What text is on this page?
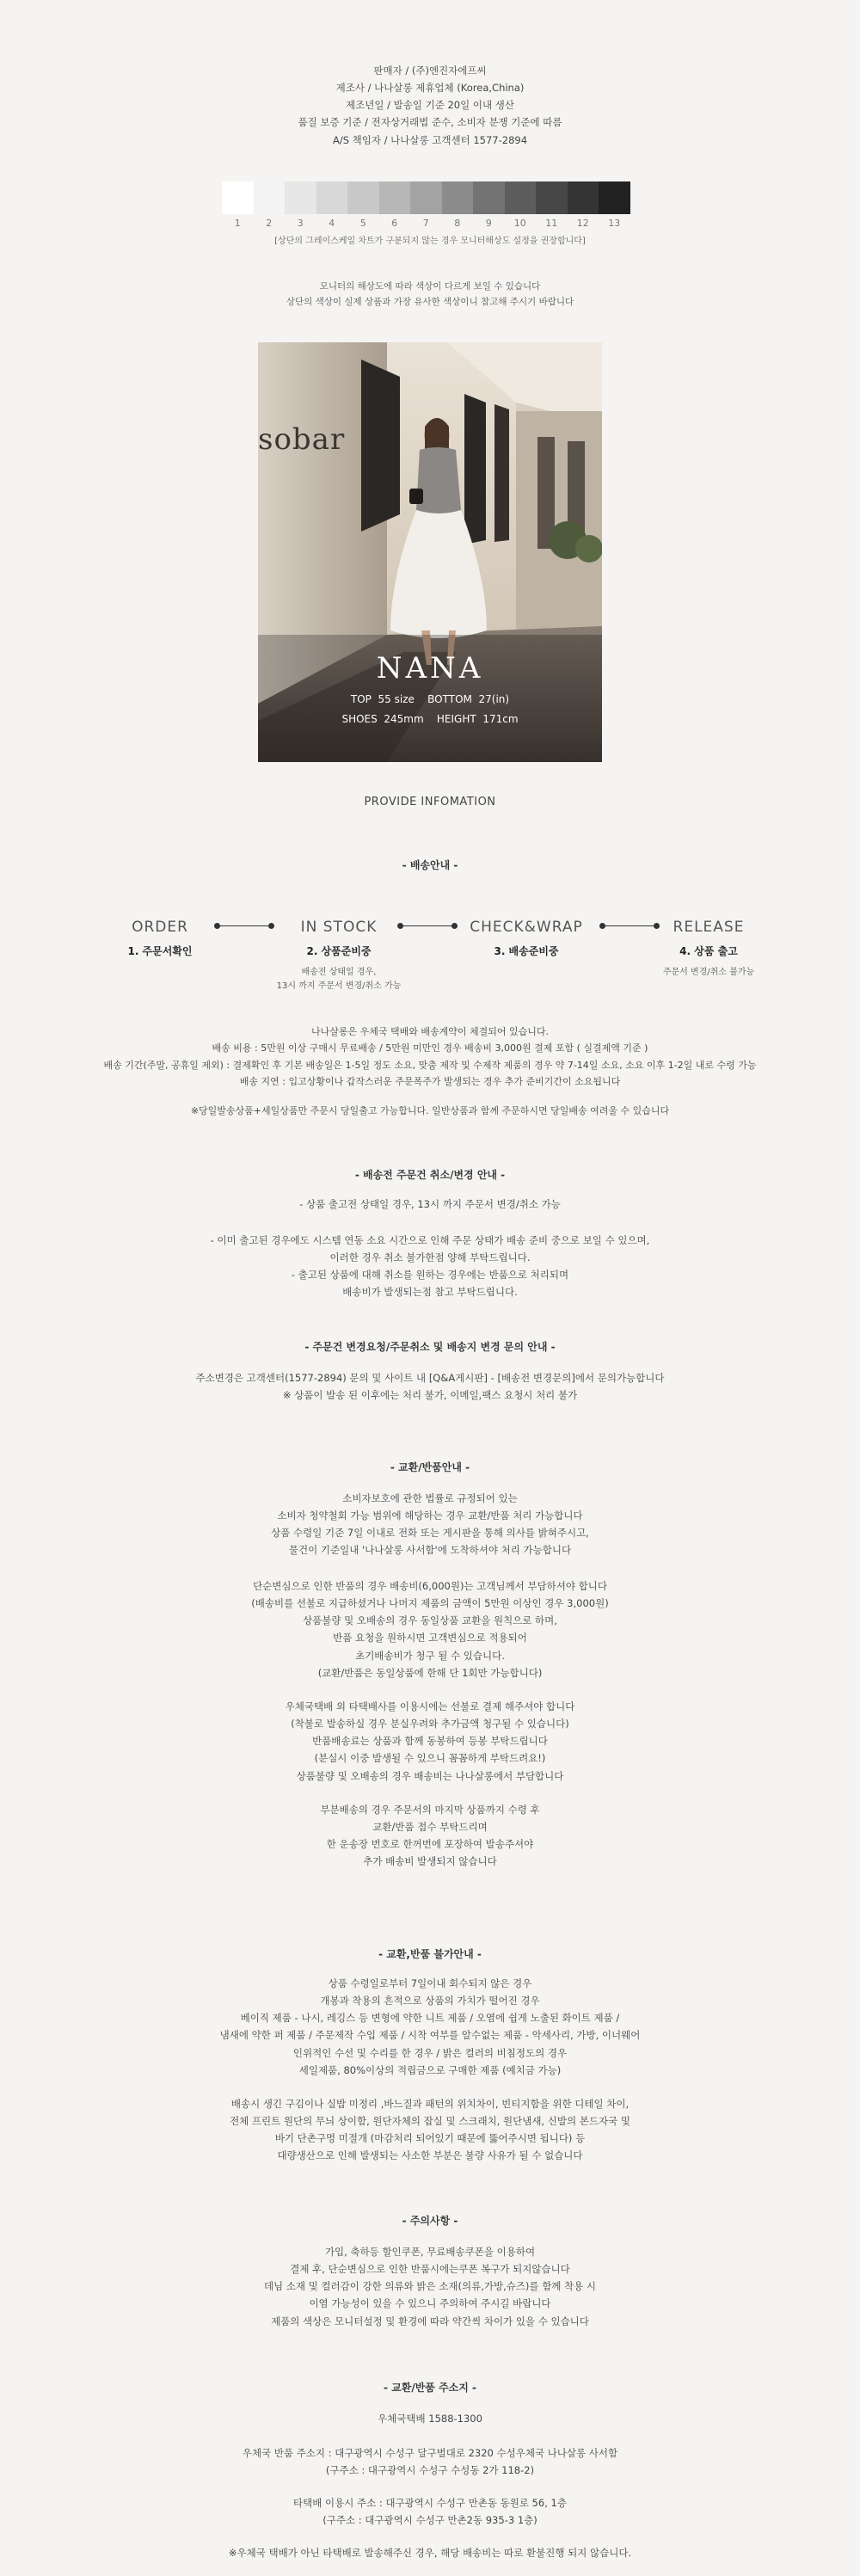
판매자 / (주)엔진자에프씨

제조사 / 나나살롱 제휴업체 (Korea,China)

제조년일 / 발송일 기준 20일 이내 생산

품질 보증 기준 / 전자상거래법 준수, 소비자 분쟁 기준에 따름

A/S 책임자 / 나나살롱 고객센터 1577-2894

1	2	3	4	5	6	7	8	9	10	11	12	13
[상단의 그레이스케일 차트가 구분되지 않는 경우 모니터해상도 설정을 권장합니다]

모니터의 해상도에 따라 색상이 다르게 보일 수 있습니다

상단의 색상이 실제 상품과 가장 유사한 색상이니 참고해 주시기 바랍니다

sobar
NANA

TOP  55 size    BOTTOM  27(in)

SHOES  245mm    HEIGHT  171cm

PROVIDE INFOMATION
- 배송안내 -
ORDER
1. 주문서확인
IN STOCK
2. 상품준비중
배송전 상태일 경우,
13시 까지 주문서 변경/취소 가능
CHECK&WRAP
3. 배송준비중
RELEASE
4. 상품 출고
주문서 변경/취소 불가능

나나살롱은 우체국 택배와 배송계약이 체결되어 있습니다.

배송 비용 : 5만원 이상 구매시 무료배송 / 5만원 미만인 경우 배송비 3,000원 결제 포함 ( 실결제액 기준 )

배송 기간(주말, 공휴일 제외) : 결제확인 후 기본 배송일은 1-5일 정도 소요, 맞춤 제작 및 수제작 제품의 경우 약 7-14일 소요, 소요 이후 1-2일 내로 수령 가능

배송 지연 : 입고상황이나 갑작스러운 주문폭주가 발생되는 경우 추가 준비기간이 소요됩니다

※당일발송상품+세일상품만 주문시 당일출고 가능합니다. 일반상품과 함께 주문하시면 당일배송 여려울 수 있습니다
- 배송전 주문건 취소/변경 안내 -
- 상품 출고전 상태일 경우, 13시 까지 주문서 변경/취소 가능

- 이미 출고된 경우에도 시스템 연동 소요 시간으로 인해 주문 상태가 배송 준비 중으로 보일 수 있으며,

이러한 경우 취소 불가한점 양해 부탁드립니다.

- 출고된 상품에 대해 취소를 원하는 경우에는 반품으로 처리되며

배송비가 발생되는점 참고 부탁드립니다.

- 주문건 변경요청/주문취소 및 배송지 변경 문의 안내 -

주소변경은 고객센터(1577-2894) 문의 및 사이트 내 [Q&A게시판] - [배송전 변경문의]에서 문의가능합니다

※ 상품이 발송 된 이후에는 처리 불가, 이메일,팩스 요청시 처리 불가

- 교환/반품안내 -

소비자보호에 관한 법률로 규정되어 있는

소비자 청약철회 가능 범위에 해당하는 경우 교환/반품 처리 가능합니다

상품 수령일 기준 7일 이내로 전화 또는 게시판을 통해 의사를 밝혀주시고,

물건이 기준일내 '나나살롱 사서함'에 도착하셔야 처리 가능합니다

단순변심으로 인한 반품의 경우 배송비(6,000원)는 고객님께서 부담하셔야 합니다

(배송비를 선불로 지급하셨거나 나머지 제품의 금액이 5만원 이상인 경우 3,000원)

상품불량 및 오배송의 경우 동일상품 교환을 원칙으로 하며,

반품 요청을 원하시면 고객변심으로 적용되어

초기배송비가 청구 될 수 있습니다.

(교환/반품은 동일상품에 한해 단 1회만 가능합니다)

우체국택배 외 타택배사를 이용시에는 선불로 결제 해주셔야 합니다

(착불로 발송하실 경우 분실우려와 추가금액 청구될 수 있습니다)

반품배송료는 상품과 함께 동봉하여 등봉 부탁드립니다

(분실시 이중 발생될 수 있으니 꼼꼼하게 부탁드려요!)

상품불량 및 오배송의 경우 배송비는 나나살롱에서 부담합니다

부분배송의 경우 주문서의 마지막 상품까지 수령 후

교환/반품 접수 부탁드리며

한 운송장 번호로 한꺼번에 포장하여 발송주셔야

추가 배송비 발생되지 않습니다

- 교환,반품 불가안내 -

상품 수령일로부터 7일이내 회수되지 않은 경우

개봉과 착용의 흔적으로 상품의 가치가 떨어진 경우

베이직 제품 - 나시, 레깅스 등 변형에 약한 니트 제품 / 오염에 쉽게 노출된 화이트 제품 /

냄새에 약한 퍼 제품 / 주문제작 수입 제품 / 시착 여부를 알수없는 제품 - 악세사리, 가방, 이너웨어

인위적인 수선 및 수리를 한 경우 / 밝은 컬러의 비침정도의 경우

세일제품, 80%이상의 적립금으로 구매한 제품 (예치금 가능)

배송시 생긴 구김이나 실밥 미정리 ,바느질과 패턴의 위치차이, 빈티지함을 위한 디테일 차이,

전체 프린트 원단의 무늬 상이함, 원단자체의 잡실 및 스크래치, 원단냄새, 신발의 본드자국 및

바기 단촌구멍 미절개 (마감처리 되어있기 때문에 뚫어주시면 됩니다) 등

대량생산으로 인해 발생되는 사소한 부분은 불량 사유가 될 수 없습니다

- 주의사항 -

가입, 축하등 할인쿠폰, 무료배송쿠폰을 이용하여

결제 후, 단순변심으로 인한 반품시에는쿠폰 복구가 되지않습니다

데님 소재 및 컬러감이 강한 의류와 밝은 소재(의류,가방,슈즈)를 함께 착용 시

이염 가능성이 있을 수 있으니 주의하여 주시길 바랍니다

제품의 색상은 모니터설정 및 환경에 따라 약간씩 차이가 있을 수 있습니다

- 교환/반품 주소지 -
우체국택배 1588-1300

우체국 반품 주소지 : 대구광역시 수성구 달구벌대로 2320 수성우체국 나나살롱 사서함

(구주소 : 대구광역시 수성구 수성동 2가 118-2)

타택배 이용시 주소 : 대구광역시 수성구 만촌동 동원로 56, 1층

(구주소 : 대구광역시 수성구 만촌2동 935-3 1층)

※우체국 택배가 아닌 타택배로 발송해주신 경우, 해당 배송비는 따로 환불진행 되지 않습니다.
